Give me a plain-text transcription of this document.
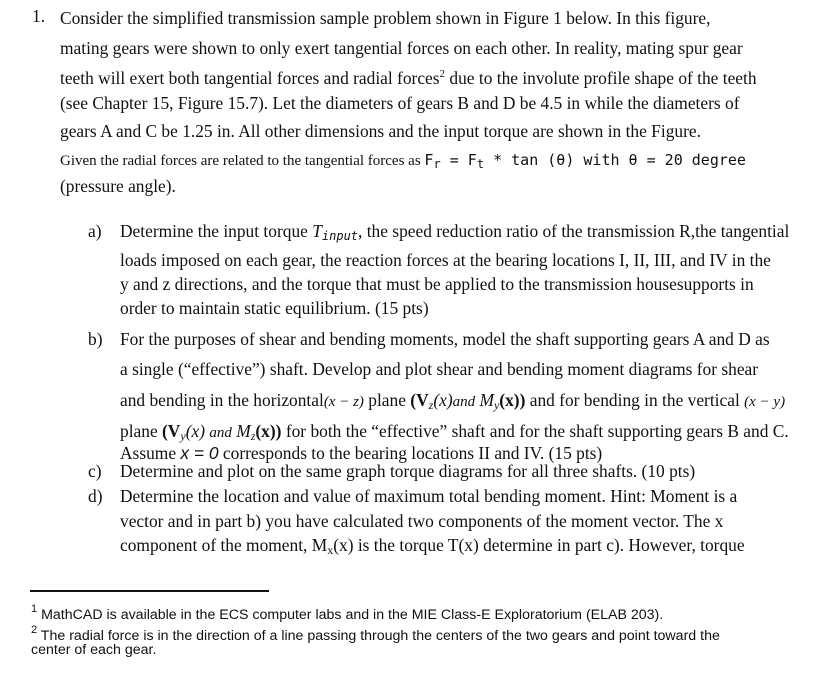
1. Consider the simplified transmission sample problem shown in Figure 1 below. In this figure,
mating gears were shown to only exert tangential forces on each other. In reality, mating spur gear
teeth will exert both tangential forces and radial forces$^2$ due to the involute profile shape of the teeth
(see Chapter 15, Figure 15.7). Let the diameters of gears B and D be 4.5 in while the diameters of
gears A and C be 1.25 in. All other dimensions and the input torque are shown in the Figure.
Given the radial forces are related to the tangential forces as $F_r = F_t * \tan (\theta)$ with θ = 20 degree
(pressure angle).
a) Determine the input torque $T_{input}$, the speed reduction ratio of the transmission R,the tangential
loads imposed on each gear, the reaction forces at the bearing locations I, II, III, and IV in the
y and z directions, and the torque that must be applied to the transmission housesupports in
order to maintain static equilibrium. (15 pts)
b) For the purposes of shear and bending moments, model the shaft supporting gears A and D as
a single (“effective”) shaft. Develop and plot shear and bending moment diagrams for shear
and bending in the horizontal(x − z) plane ($V_z(x)and$ $M_y(x)$) and for bending in the vertical (x − y)
plane ($V_y(x)$ and $M_z(x)$) for both the “effective” shaft and for the shaft supporting gears B and C.
Assume x = 0 corresponds to the bearing locations II and IV. (15 pts)
c) Determine and plot on the same graph torque diagrams for all three shafts. (10 pts)
d) Determine the location and value of maximum total bending moment. Hint: Moment is a
vector and in part b) you have calculated two components of the moment vector. The x
component of the moment, $M_x(x)$ is the torque T(x) determine in part c). However, torque
$^1$ MathCAD is available in the ECS computer labs and in the MIE Class-E Exploratorium (ELAB 203).
$^2$ The radial force is in the direction of a line passing through the centers of the two gears and point toward the
center of each gear.
